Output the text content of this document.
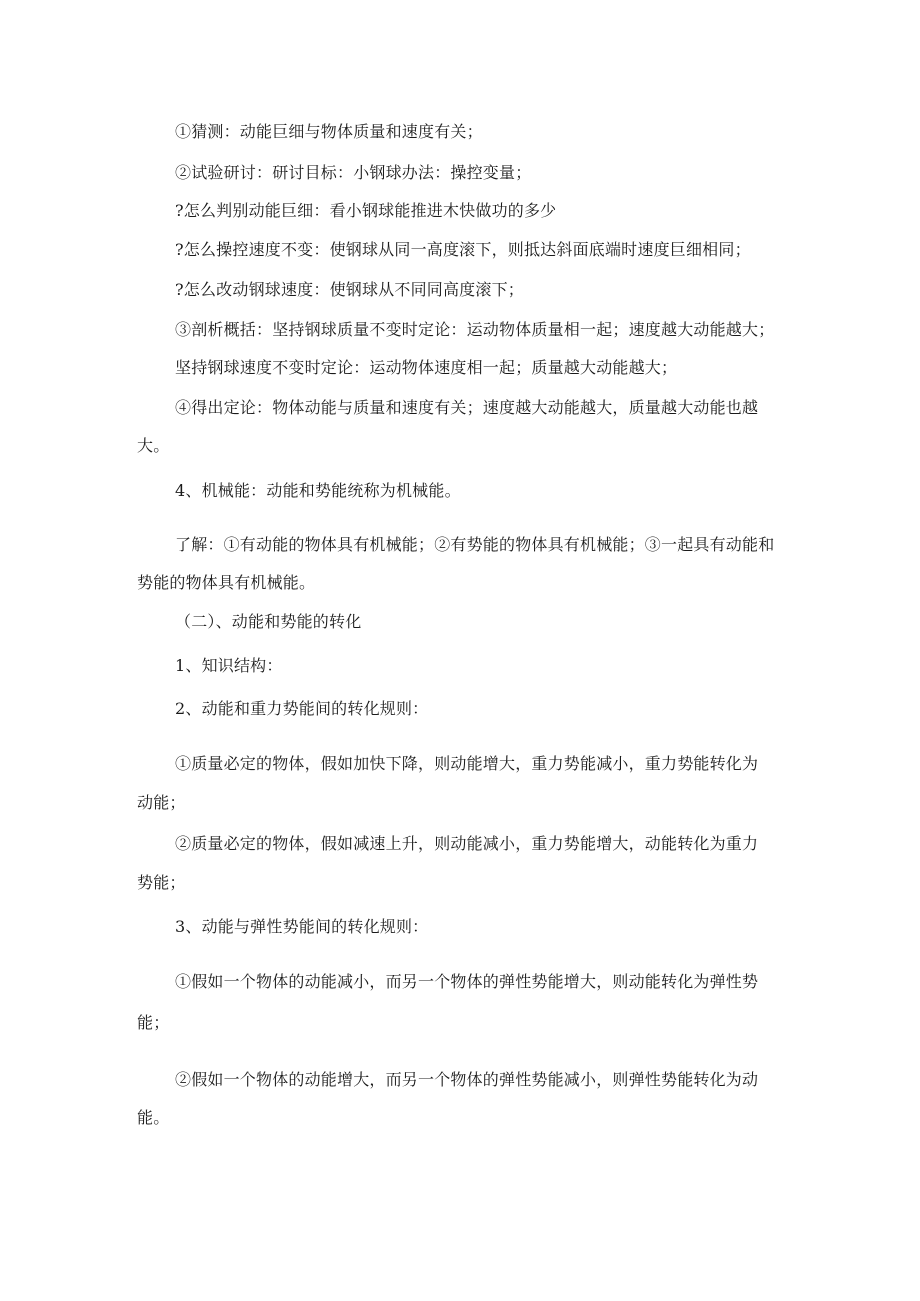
①猜测：动能巨细与物体质量和速度有关；
②试验研讨：研讨目标：小钢球办法：操控变量；
?怎么判别动能巨细：看小钢球能推进木快做功的多少
?怎么操控速度不变：使钢球从同一高度滚下，则抵达斜面底端时速度巨细相同；
?怎么改动钢球速度：使钢球从不同同高度滚下；
③剖析概括：坚持钢球质量不变时定论：运动物体质量相一起；速度越大动能越大；
坚持钢球速度不变时定论：运动物体速度相一起；质量越大动能越大；
④得出定论：物体动能与质量和速度有关；速度越大动能越大，质量越大动能也越
大。
4、机械能：动能和势能统称为机械能。
了解：①有动能的物体具有机械能；②有势能的物体具有机械能；③一起具有动能和
势能的物体具有机械能。
（二）、动能和势能的转化
1、知识结构：
2、动能和重力势能间的转化规则：
①质量必定的物体，假如加快下降，则动能增大，重力势能减小，重力势能转化为
动能；
②质量必定的物体，假如减速上升，则动能减小，重力势能增大，动能转化为重力
势能；
3、动能与弹性势能间的转化规则：
①假如一个物体的动能减小，而另一个物体的弹性势能增大，则动能转化为弹性势
能；
②假如一个物体的动能增大，而另一个物体的弹性势能减小，则弹性势能转化为动
能。
